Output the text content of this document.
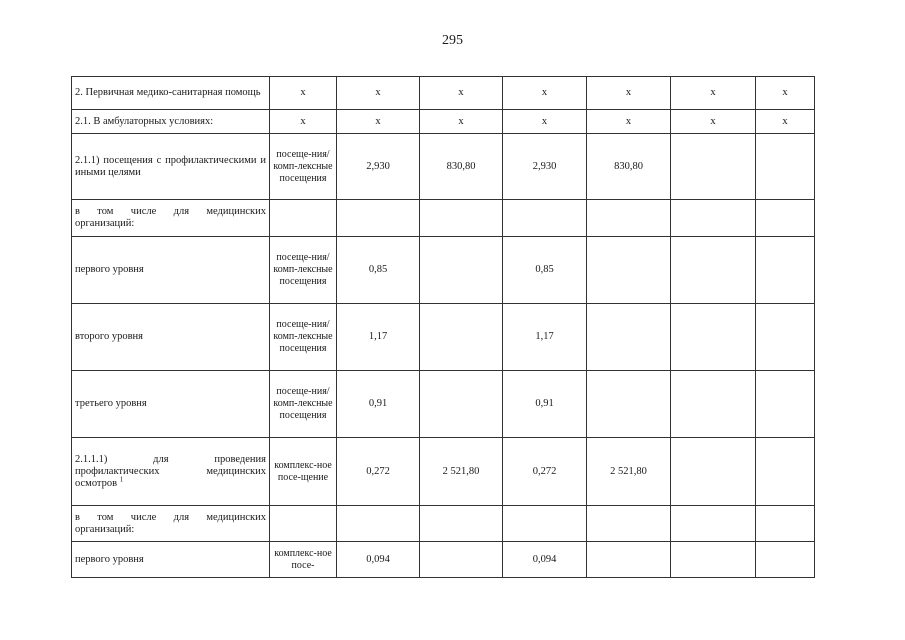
295
2. Первичная медико-санитарная помощь	x	x	x	x	x	x	x
2.1. В амбулаторных условиях:	x	x	x	x	x	x	x
2.1.1) посещения с профилактическими и иными целями	посеще-ния/комп-лексные посещения	2,930	830,80	2,930	830,80		
в том числе для медицинских организаций:							
первого уровня	посеще-ния/комп-лексные посещения	0,85		0,85			
второго уровня	посеще-ния/комп-лексные посещения	1,17		1,17			
третьего уровня	посеще-ния/комп-лексные посещения	0,91		0,91			
2.1.1.1) для проведения профилактических медицинских осмотров $^1$	комплекс-ное посе-щение	0,272	2 521,80	0,272	2 521,80		
в том числе для медицинских организаций:							
первого уровня	комплекс-ное посе-	0,094		0,094			
